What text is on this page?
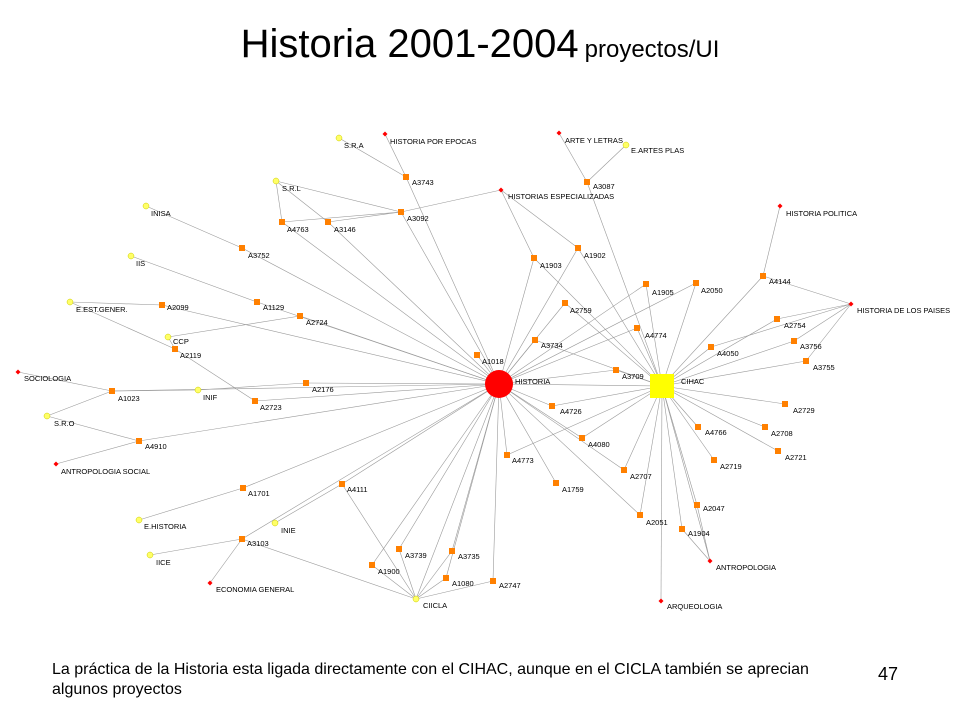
Historia 2001-2004 proyectos/UI
A3743	A3087
A3092
A4763	A3146
A3752
A1903
A1902
A2099	A1129
A2724
A2119
A2759
A1905	A2050
A4144
A4774
A3734
A1018
A2754
A3756
A4050
A3755
A3709
A2176
A1023
A2723	A4726	A2729
A4766	A2708
A4910	A4080
A4773	A2721
A2719
A2707
A1759
A1701	A4111
A2047
A2051
A1904
A3103
A3739	A3735
A1900
A1080	A2747
S.R.A
S.R.L
INISA
IIS
E.EST.GENER.
CCP
INIF
S.R.O
E.HISTORIA	INIE
IICE
CIICLA
E.ARTES PLAS
HISTORIA POR EPOCAS	ARTE Y LETRAS
HISTORIAS ESPECIALIZADAS
HISTORIA POLITICA
HISTORIA DE LOS PAISES
SOCIOLOGIA
ANTROPOLOGIA SOCIAL
ECONOMIA GENERAL
ANTROPOLOGIA
ARQUEOLOGIA
HISTORIA	CIHAC
La práctica de la Historia esta ligada directamente con el CIHAC, aunque en el CICLA también se aprecian algunos proyectos
47
